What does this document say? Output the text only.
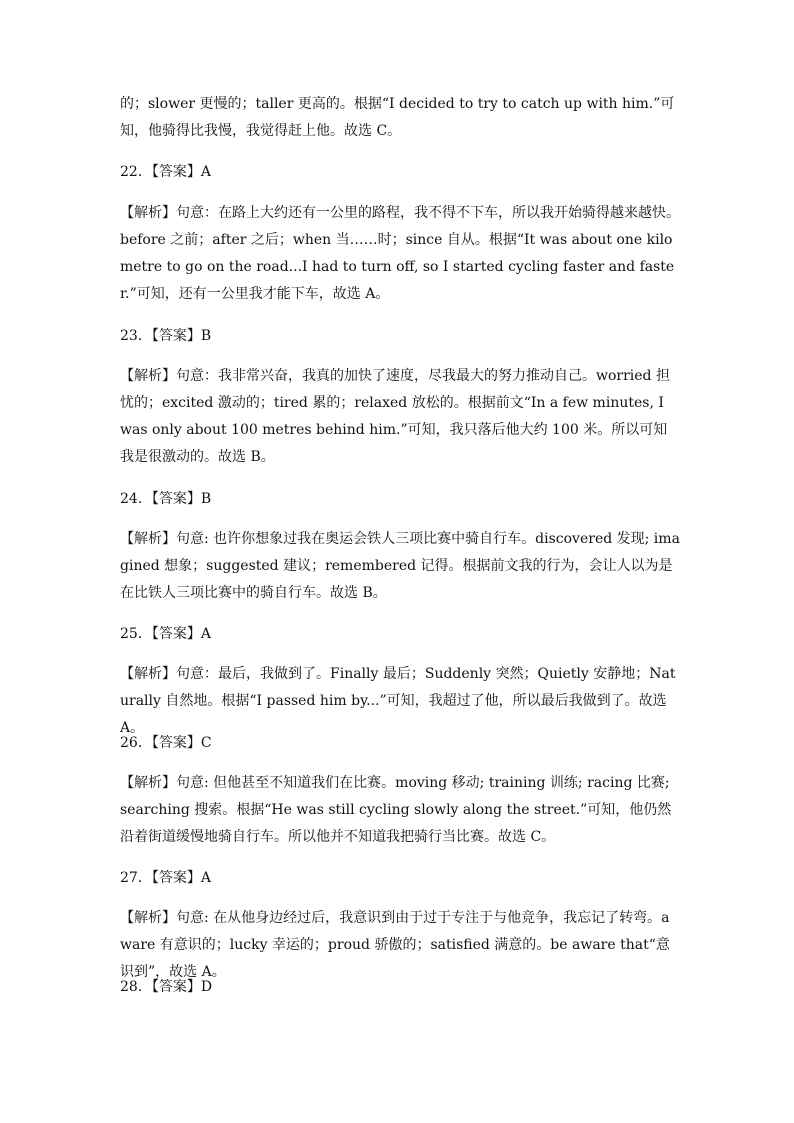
的；slower 更慢的；taller 更高的。根据“I decided to try to catch up with him.”可知，他骑得比我慢，我觉得赶上他。故选 C。

22．【答案】A

【解析】句意：在路上大约还有一公里的路程，我不得不下车，所以我开始骑得越来越快。before 之前；after 之后；when 当……时；since 自从。根据“It was about one kilometre to go on the road...I had to turn off, so I started cycling faster and faster.”可知，还有一公里我才能下车，故选 A。

23．【答案】B

【解析】句意：我非常兴奋，我真的加快了速度，尽我最大的努力推动自己。worried 担忧的；excited 激动的；tired 累的；relaxed 放松的。根据前文“In a few minutes, I was only about 100 metres behind him.”可知，我只落后他大约 100 米。所以可知我是很激动的。故选 B。

24．【答案】B

【解析】句意: 也许你想象过我在奥运会铁人三项比赛中骑自行车。discovered 发现; imagined 想象；suggested 建议；remembered 记得。根据前文我的行为，会让人以为是在比铁人三项比赛中的骑自行车。故选 B。

25．【答案】A

【解析】句意：最后，我做到了。Finally 最后；Suddenly 突然；Quietly 安静地；Naturally 自然地。根据“I passed him by...”可知，我超过了他，所以最后我做到了。故选 A。

26．【答案】C

【解析】句意: 但他甚至不知道我们在比赛。moving 移动; training 训练; racing 比赛; searching 搜索。根据“He was still cycling slowly along the street.”可知，他仍然沿着街道缓慢地骑自行车。所以他并不知道我把骑行当比赛。故选 C。

27．【答案】A

【解析】句意: 在从他身边经过后，我意识到由于过于专注于与他竞争，我忘记了转弯。aware 有意识的；lucky 幸运的；proud 骄傲的；satisfied 满意的。be aware that“意识到”，故选 A。

28．【答案】D
